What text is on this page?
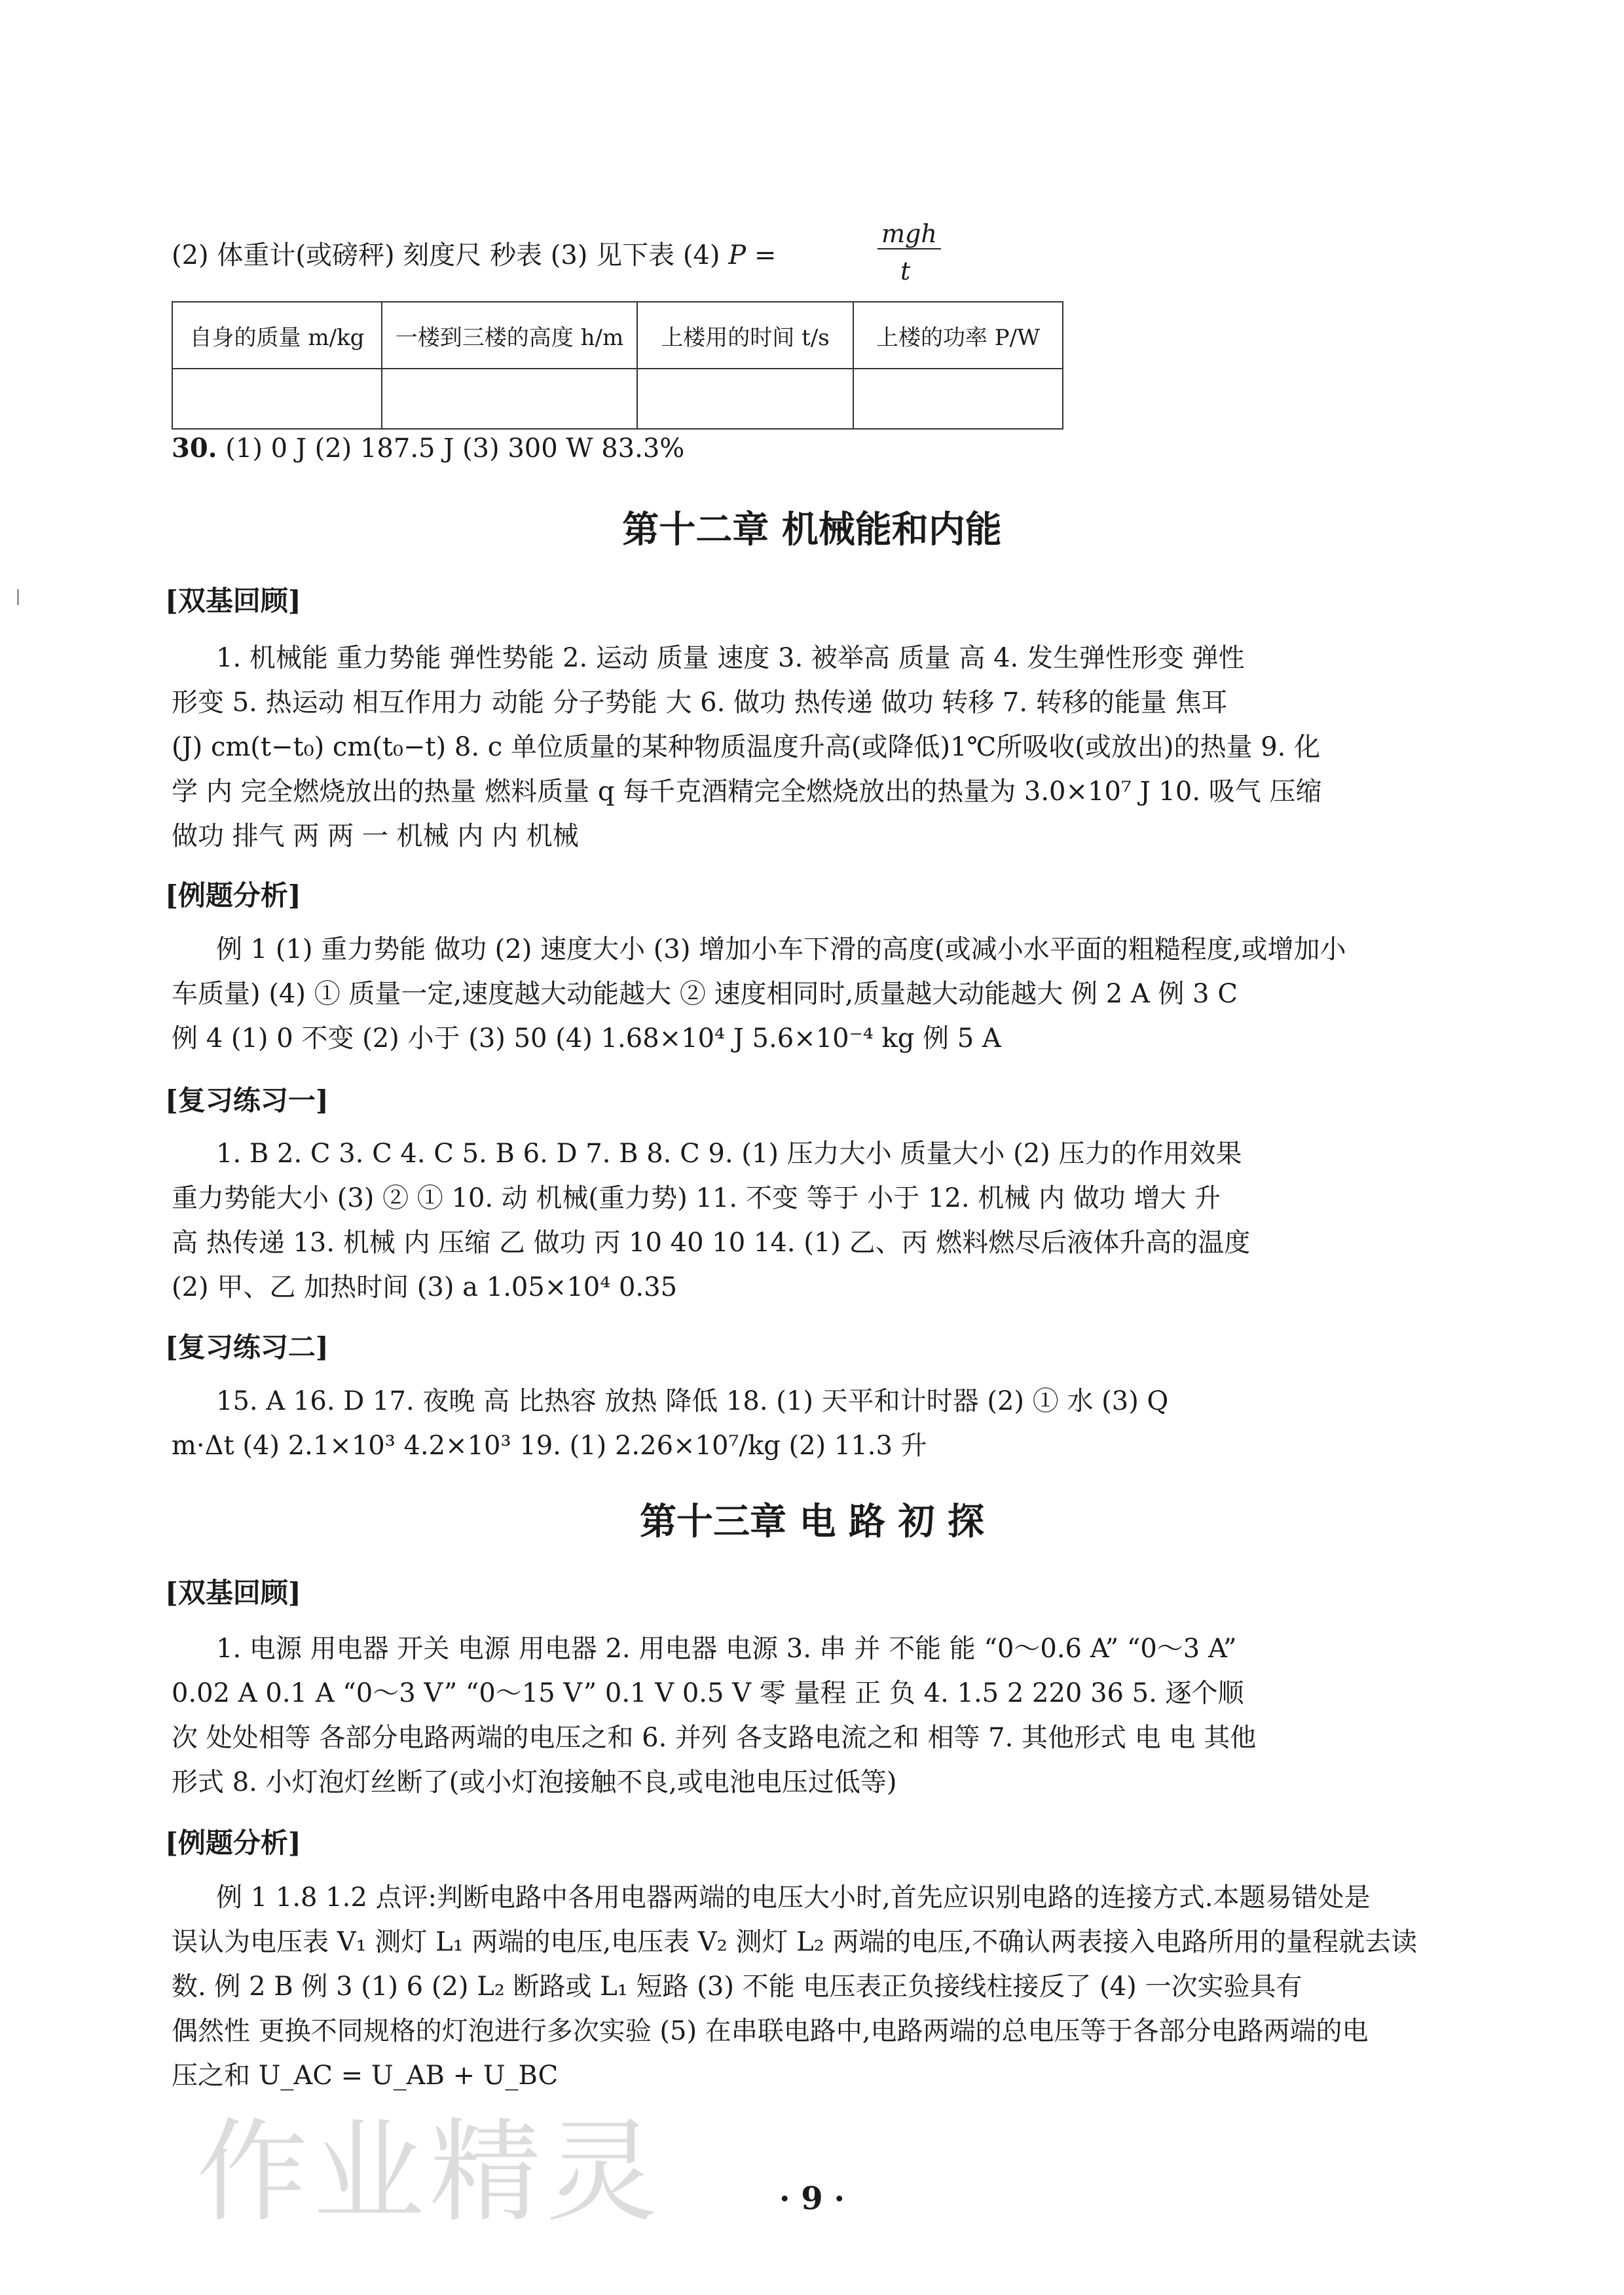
(2) 体重计(或磅秤) 刻度尺 秒表 (3) 见下表 (4) P =
mgh
t
自身的质量 m/kg	一楼到三楼的高度 h/m	上楼用的时间 t/s	上楼的功率 P/W

30. (1) 0 J (2) 187.5 J (3) 300 W 83.3%
第十二章 机械能和内能
[双基回顾]
1. 机械能 重力势能 弹性势能 2. 运动 质量 速度 3. 被举高 质量 高 4. 发生弹性形变 弹性
形变 5. 热运动 相互作用力 动能 分子势能 大 6. 做功 热传递 做功 转移 7. 转移的能量 焦耳
(J) cm(t−t₀) cm(t₀−t) 8. c 单位质量的某种物质温度升高(或降低)1℃所吸收(或放出)的热量 9. 化
学 内 完全燃烧放出的热量 燃料质量 q 每千克酒精完全燃烧放出的热量为 3.0×10⁷ J 10. 吸气 压缩
做功 排气 两 两 一 机械 内 内 机械
[例题分析]
例 1 (1) 重力势能 做功 (2) 速度大小 (3) 增加小车下滑的高度(或减小水平面的粗糙程度,或增加小
车质量) (4) ① 质量一定,速度越大动能越大 ② 速度相同时,质量越大动能越大 例 2 A 例 3 C
例 4 (1) 0 不变 (2) 小于 (3) 50 (4) 1.68×10⁴ J 5.6×10⁻⁴ kg 例 5 A
[复习练习一]
1. B 2. C 3. C 4. C 5. B 6. D 7. B 8. C 9. (1) 压力大小 质量大小 (2) 压力的作用效果
重力势能大小 (3) ② ① 10. 动 机械(重力势) 11. 不变 等于 小于 12. 机械 内 做功 增大 升
高 热传递 13. 机械 内 压缩 乙 做功 丙 10 40 10 14. (1) 乙、丙 燃料燃尽后液体升高的温度
(2) 甲、乙 加热时间 (3) a 1.05×10⁴ 0.35
[复习练习二]
15. A 16. D 17. 夜晚 高 比热容 放热 降低 18. (1) 天平和计时器 (2) ① 水 (3) Q
m·Δt (4) 2.1×10³ 4.2×10³ 19. (1) 2.26×10⁷/kg (2) 11.3 升
第十三章 电 路 初 探
[双基回顾]
1. 电源 用电器 开关 电源 用电器 2. 用电器 电源 3. 串 并 不能 能 “0～0.6 A” “0～3 A”
0.02 A 0.1 A “0～3 V” “0～15 V” 0.1 V 0.5 V 零 量程 正 负 4. 1.5 2 220 36 5. 逐个顺
次 处处相等 各部分电路两端的电压之和 6. 并列 各支路电流之和 相等 7. 其他形式 电 电 其他
形式 8. 小灯泡灯丝断了(或小灯泡接触不良,或电池电压过低等)
[例题分析]
例 1 1.8 1.2 点评:判断电路中各用电器两端的电压大小时,首先应识别电路的连接方式.本题易错处是
误认为电压表 V₁ 测灯 L₁ 两端的电压,电压表 V₂ 测灯 L₂ 两端的电压,不确认两表接入电路所用的量程就去读
数. 例 2 B 例 3 (1) 6 (2) L₂ 断路或 L₁ 短路 (3) 不能 电压表正负接线柱接反了 (4) 一次实验具有
偶然性 更换不同规格的灯泡进行多次实验 (5) 在串联电路中,电路两端的总电压等于各部分电路两端的电
压之和 U_AC = U_AB + U_BC
作业精灵	· 9 ·
